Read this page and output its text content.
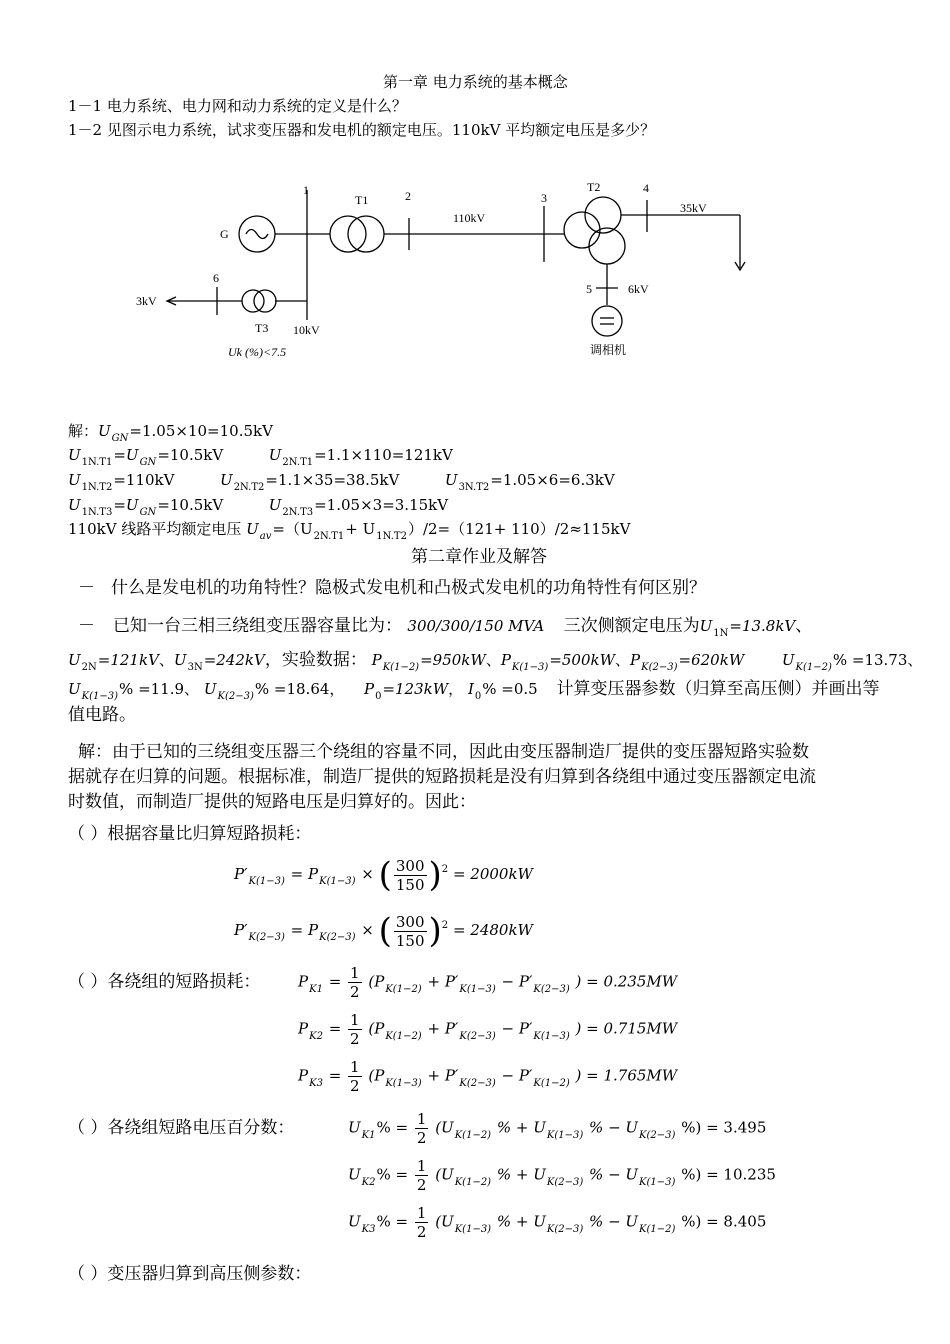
第一章 电力系统的基本概念
1－1 电力系统、电力网和动力系统的定义是什么？
1－2 见图示电力系统，试求变压器和发电机的额定电压。110kV 平均额定电压是多少？
1	2	3
4
5
6
T1
T2
T3
G
110kV
35kV
6kV
3kV
10kV
Uk (%)<7.5	调相机
解：$U_{GN}=1.05\times 10=10.5kV$
$U_{1N.T1}=U_{GN}=10.5kV$	$U_{2N.T1}=1.1\times 110=121kV$
$U_{1N.T2}=110kV$	$U_{2N.T2}=1.1\times 35=38.5kV$	$U_{3N.T2}=1.05\times 6=6.3kV$
$U_{1N.T3}=U_{GN}=10.5kV$	$U_{2N.T3}=1.05\times 3=3.15kV$
110kV 线路平均额定电压 $U_{av}=(U_{2N.T1}+ U_{1N.T2})/2=(121+ 110)/2\approx 115kV$
第二章作业及解答
－ 什么是发电机的功角特性？隐极式发电机和凸极式发电机的功角特性有何区别？
－ 已知一台三相三绕组变压器容量比为： 300/300/150 MVA 三次侧额定电压为$U_{1N}=13.8kV$、
$U_{2N}=121kV$、$U_{3N}=242kV$，实验数据： $P_{K(1-2)}=950kW$、$P_{K(1-3)}=500kW$、$P_{K(2-3)}=620kW$	$U_{K(1-2)}\% =13.73$、
$U_{K(1-3)}\% =11.9$、 $U_{K(2-3)}\% =18.64$，  $P_0=123kW$， $I_0\% =0.5$ 计算变压器参数（归算至高压侧）并画出等
值电路。
解：由于已知的三绕组变压器三个绕组的容量不同，因此由变压器制造厂提供的变压器短路实验数
据就存在归算的问题。根据标准，制造厂提供的短路损耗是没有归算到各绕组中通过变压器额定电流
时数值，而制造厂提供的短路电压是归算好的。因此：
（ ）根据容量比归算短路损耗：
$P'_{K(1-3)} = P_{K(1-3)}$ × ( $\frac{300}{150} )^2 = 2000kW$
$P'_{K(2-3)} = P_{K(2-3)}$ × ( $\frac{300}{150} )^2 = 2480kW$
（ ）各绕组的短路损耗：	$P_{K1} = \frac{1}{2} (P_{K(1-2)} + P'_{K(1-3)} - P'_{K(2-3)}$ ) = 0.235MW
$P_{K2} = \frac{1}{2} (P_{K(1-2)} + P'_{K(2-3)} - P'_{K(1-3)}$ ) = 0.715MW
$P_{K3} = \frac{1}{2} (P_{K(1-3)} + P'_{K(2-3)} - P'_{K(1-2)}$ ) = 1.765MW
（ ）各绕组短路电压百分数：	$U_{K1}\% = \frac{1}{2} (U_{K(1-2)}$ % + $U_{K(1-3)}$ % − $U_{K(2-3)}$ %) = 3.495
$U_{K2}\% = \frac{1}{2} (U_{K(1-2)}$ % + $U_{K(2-3)}$ % − $U_{K(1-3)}$ %) = 10.235
$U_{K3}\% = \frac{1}{2} (U_{K(1-3)}$ % + $U_{K(2-3)}$ % − $U_{K(1-2)}$ %) = 8.405
（ ）变压器归算到高压侧参数：
